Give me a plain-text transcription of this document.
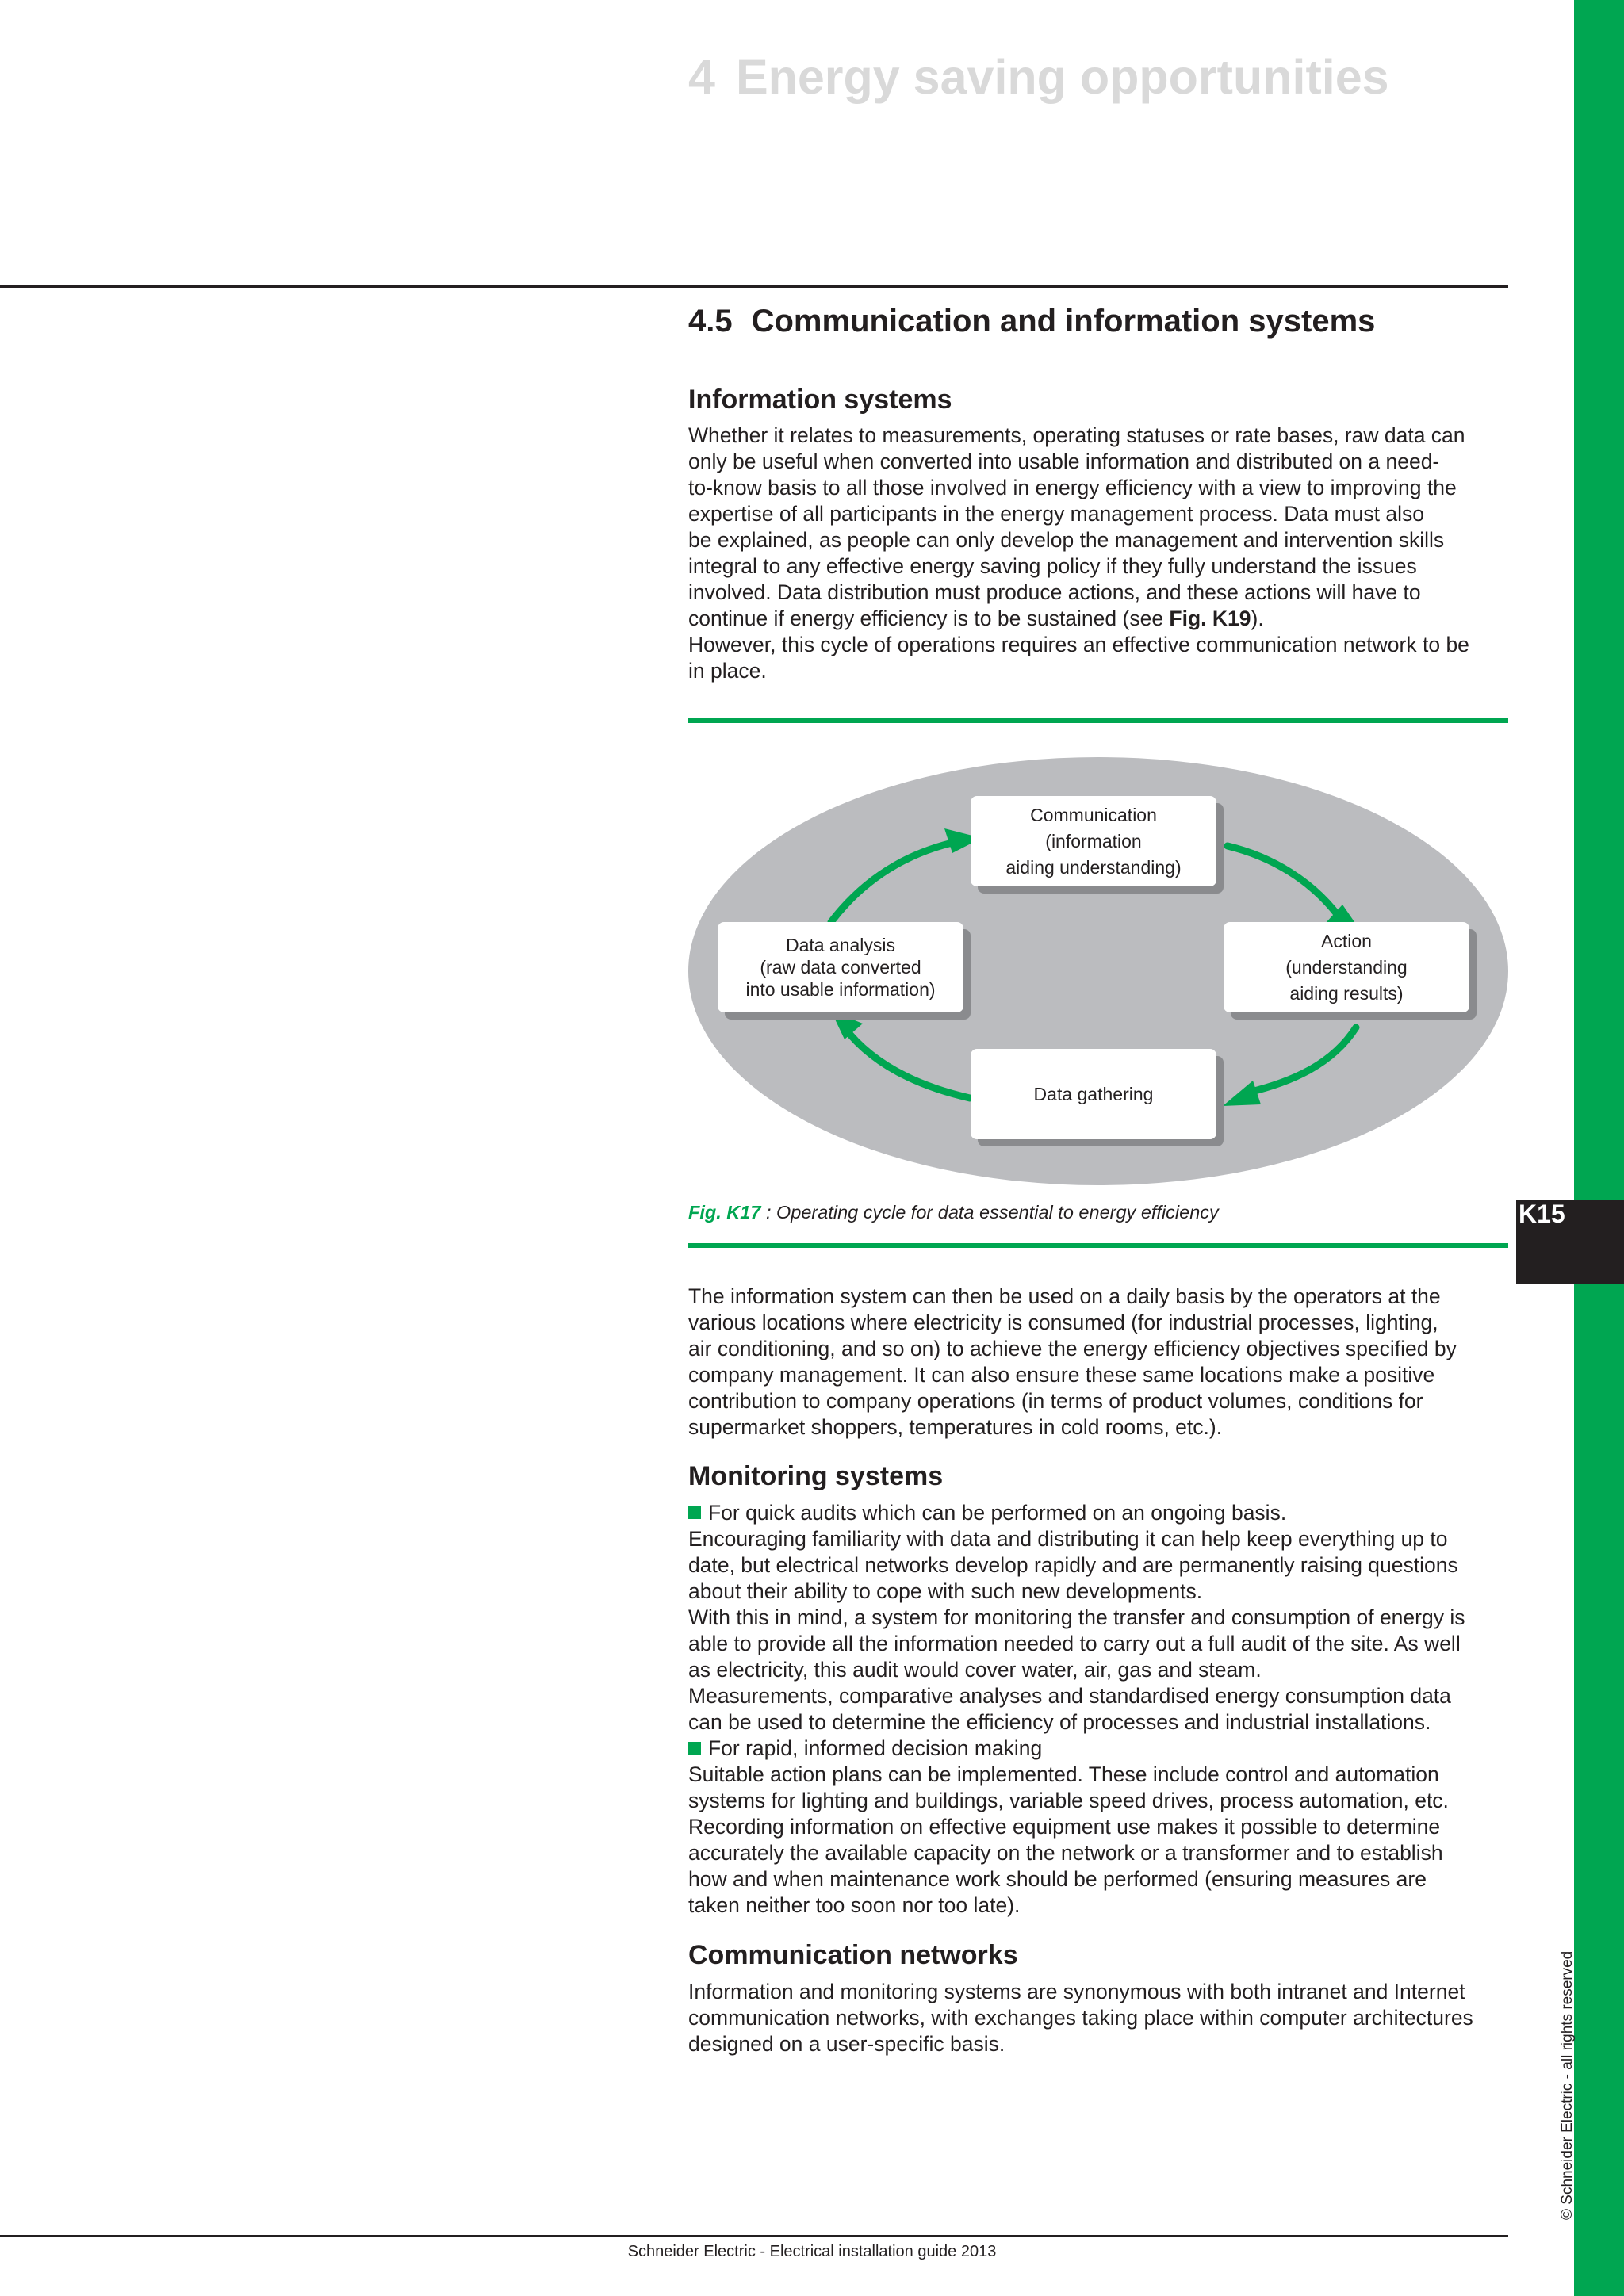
4 Energy saving opportunities
4.5 Communication and information systems
Information systems
Whether it relates to measurements, operating statuses or rate bases, raw data can
only be useful when converted into usable information and distributed on a need-
to-know basis to all those involved in energy efficiency with a view to improving the
expertise of all participants in the energy management process. Data must also
be explained, as people can only develop the management and intervention skills
integral to any effective energy saving policy if they fully understand the issues
involved. Data distribution must produce actions, and these actions will have to
continue if energy efficiency is to be sustained (see Fig. K19).
However, this cycle of operations requires an effective communication network to be
in place.
Communication
(information
aiding understanding)
Action
(understanding
aiding results)
Data gathering
Data analysis
(raw data converted
into usable information)

Fig. K17 : Operating cycle for data essential to energy efficiency	K15
The information system can then be used on a daily basis by the operators at the
various locations where electricity is consumed (for industrial processes, lighting,
air conditioning, and so on) to achieve the energy efficiency objectives specified by
company management. It can also ensure these same locations make a positive
contribution to company operations (in terms of product volumes, conditions for
supermarket shoppers, temperatures in cold rooms, etc.).
Monitoring systems
For quick audits which can be performed on an ongoing basis.
Encouraging familiarity with data and distributing it can help keep everything up to
date, but electrical networks develop rapidly and are permanently raising questions
about their ability to cope with such new developments.
With this in mind, a system for monitoring the transfer and consumption of energy is
able to provide all the information needed to carry out a full audit of the site. As well
as electricity, this audit would cover water, air, gas and steam.
Measurements, comparative analyses and standardised energy consumption data
can be used to determine the efficiency of processes and industrial installations.
For rapid, informed decision making
Suitable action plans can be implemented. These include control and automation
systems for lighting and buildings, variable speed drives, process automation, etc.
Recording information on effective equipment use makes it possible to determine
accurately the available capacity on the network or a transformer and to establish
how and when maintenance work should be performed (ensuring measures are
taken neither too soon nor too late).
Communication networks
Information and monitoring systems are synonymous with both intranet and Internet
communication networks, with exchanges taking place within computer architectures
designed on a user-specific basis.	© Schneider Electric - all rights reserved
Schneider Electric - Electrical installation guide 2013
